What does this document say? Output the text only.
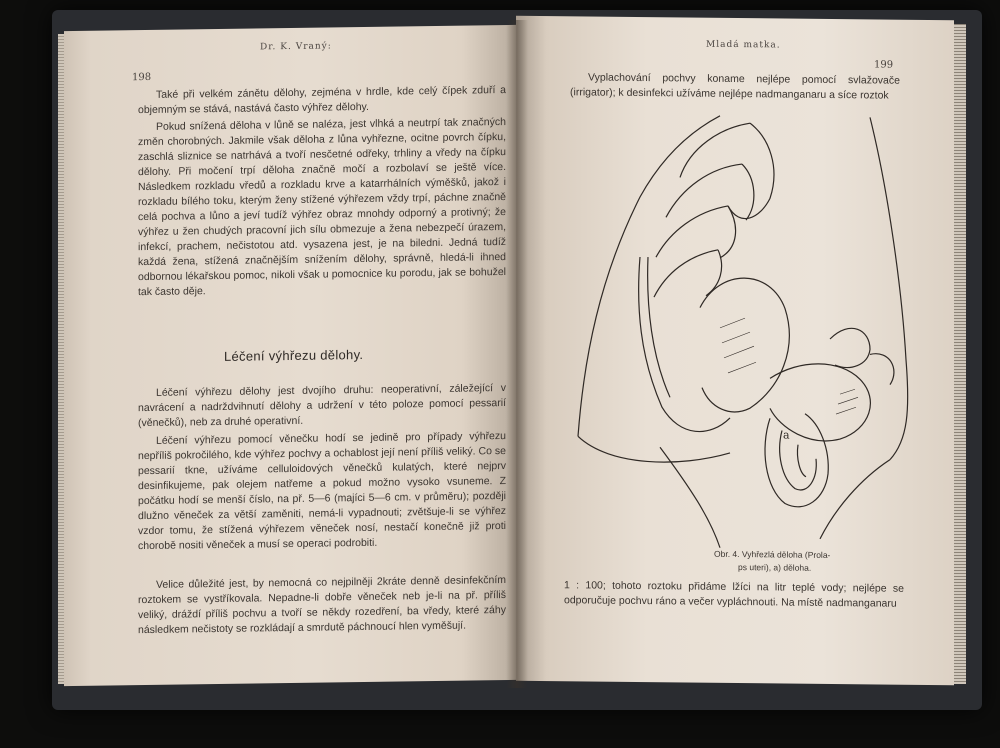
Dr. K. Vraný:
198

Také při velkém zánětu dělohy, zejména v hrdle, kde celý čípek zduří a objemným se stává, nastává často výhřez dělohy.

Pokud snížená děloha v lůně se naléza, jest vlhká a neutrpí tak značných změn chorobných. Jakmile však děloha z lůna vyhřezne, ocitne povrch čípku, zaschlá sliznice se natrhává a tvoří nesčetné odřeky, trhliny a vředy na čípku dělohy. Při močení trpí děloha značně močí a rozbolaví se ještě více. Následkem rozkladu vředů a rozkladu krve a katarrhálních výměšků, jakož i rozkladu bílého toku, kterým ženy stížené výhřezem vždy trpí, páchne značně celá pochva a lůno a jeví tudíž výhřez obraz mnohdy odporný a protivný; že výhřez u žen chudých pracovní jich sílu obmezuje a žena nebezpečí úrazem, infekcí, prachem, nečistotou atd. vysazena jest, je na biledni. Jedná tudíž každá žena, stížená značnějším snížením dělohy, správně, hledá-li ihned odbornou lékařskou pomoc, nikoli však u pomocnice ku porodu, jak se bohužel tak často děje.

Léčení výhřezu dělohy.

Léčení výhřezu dělohy jest dvojího druhu: neoperativní, záležející v navrácení a nadrždvihnutí dělohy a udržení v této poloze pomocí pessarií (věnečků), neb za druhé operativní.

Léčení výhřezu pomocí věnečku hodí se jedině pro případy výhřezu nepříliš pokročilého, kde výhřez pochvy a ochablost její není příliš veliký. Co se pessarií tkne, užíváme celluloidových věnečků kulatých, které nejprv desinfikujeme, pak olejem natřeme a pokud možno vysoko vsuneme. Z počátku hodí se menší číslo, na př. 5—6 (majíci 5—6 cm. v průměru); později dlužno věneček za větší zaměniti, nemá-li vypadnouti; zvětšuje-li se výhřez vzdor tomu, že stížená výhřezem věneček nosí, nestačí konečně již proti chorobě nositi věneček a musí se operaci podrobiti.

Velice důležité jest, by nemocná co nejpilněji 2kráte denně desinfekčním roztokem se vystříkovala. Nepadne-li dobře věneček neb je-li na př. příliš veliký, dráždí příliš pochvu a tvoří se někdy rozedření, ba vředy, které záhy následkem nečistoty se rozkládají a smrdutě páchnoucí hlen vyměšují.

Mladá matka.
199

Vyplachování pochvy koname nejlépe pomocí svlažovače (irrigator); k desinfekci užíváme nejlépe nadmanganaru a síce roztok

a
Obr. 4. Vyhřezlá děloha (Prola-
ps uteri), a) děloha.

1 : 100; tohoto roztoku přidáme lžíci na litr teplé vody; nejlépe se odporučuje pochvu ráno a večer vypláchnouti. Na místě nadmanganaru
